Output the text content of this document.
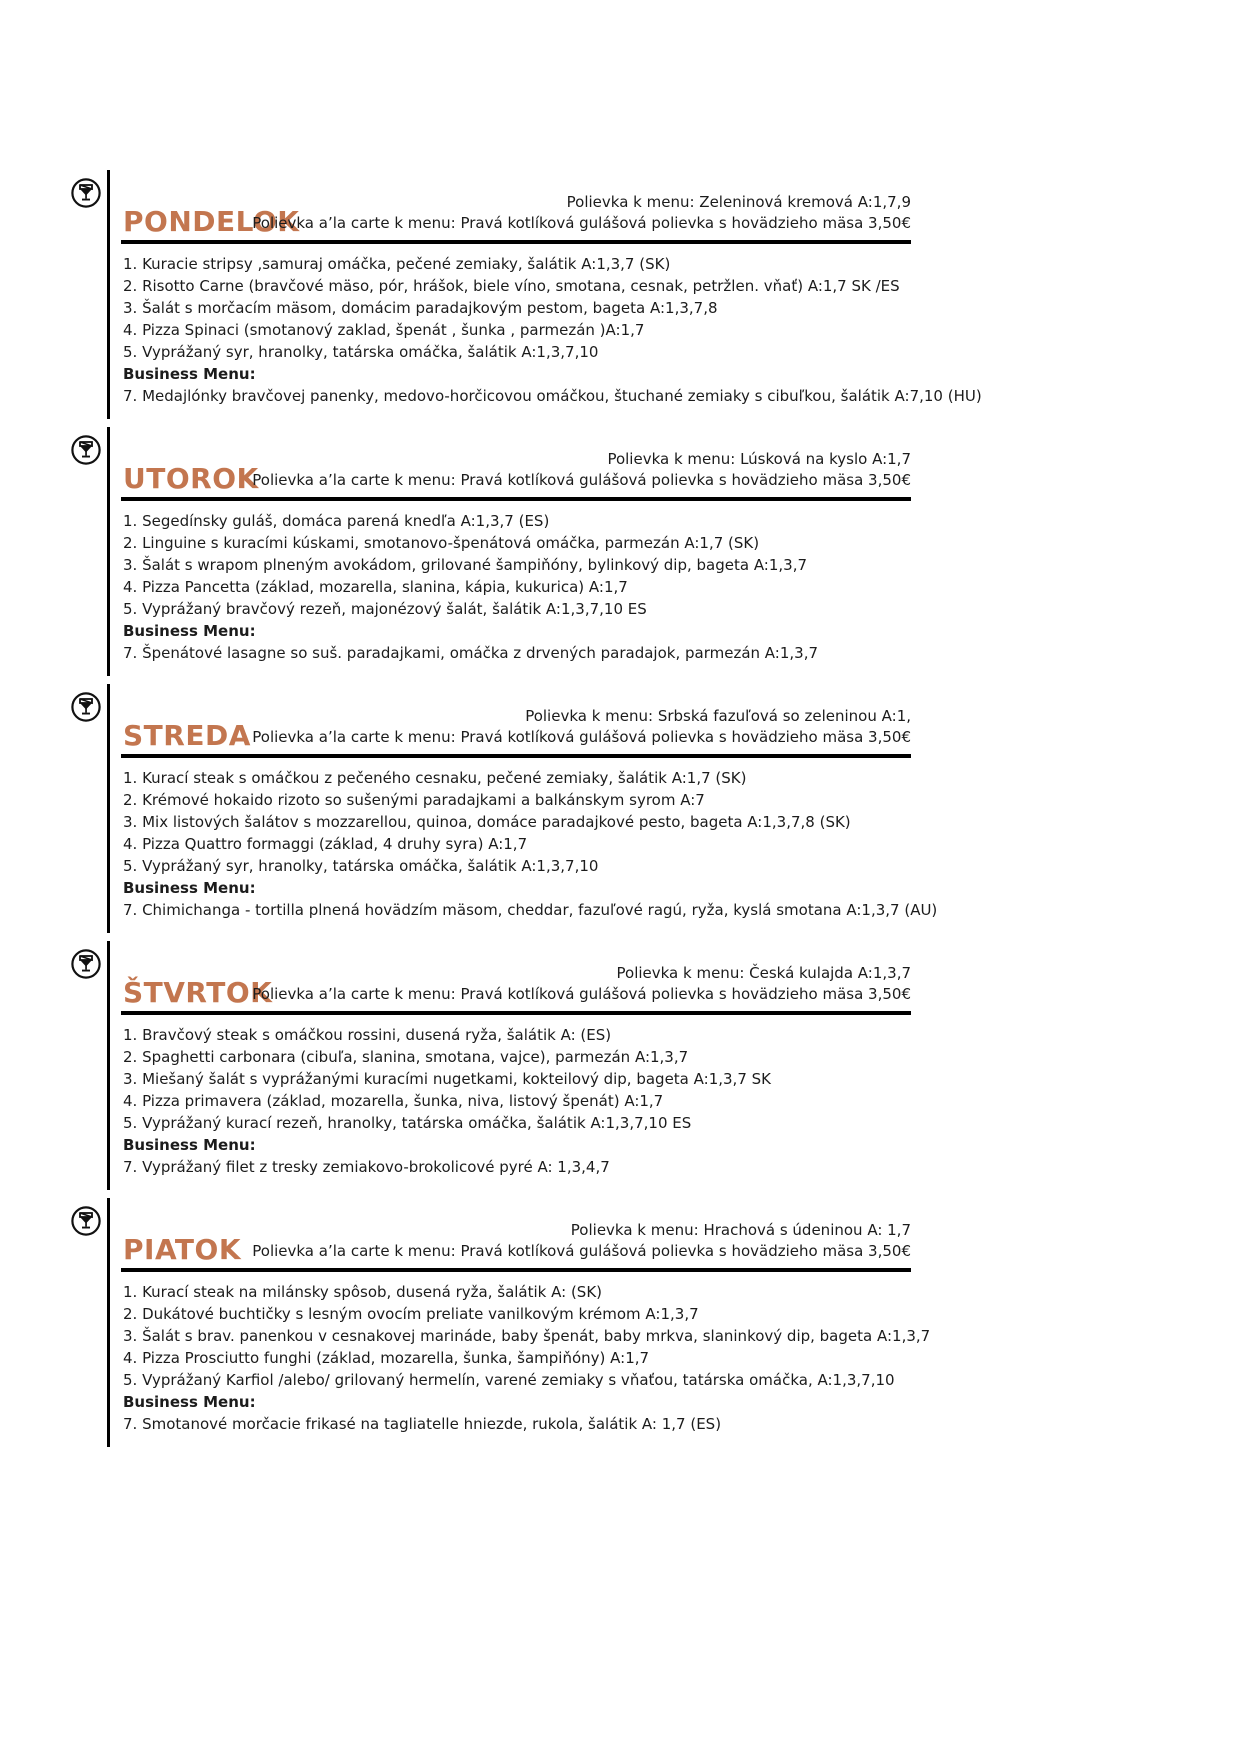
PONDELOK
Polievka k menu: Zeleninová kremová A:1,7,9
Polievka a’la carte k menu: Pravá kotlíková gulášová polievka s hovädzieho mäsa 3,50€
1. Kuracie stripsy ,samuraj omáčka, pečené zemiaky, šalátik A:1,3,7 (SK)
2. Risotto Carne (bravčové mäso, pór, hrášok, biele víno, smotana, cesnak, petržlen. vňať) A:1,7 SK /ES
3. Šalát s morčacím mäsom, domácim paradajkovým pestom, bageta A:1,3,7,8
4. Pizza Spinaci (smotanový zaklad, špenát , šunka , parmezán )A:1,7
5. Vyprážaný syr, hranolky, tatárska omáčka, šalátik A:1,3,7,10
Business Menu:
7. Medajlónky bravčovej panenky, medovo-horčicovou omáčkou, štuchané zemiaky s cibuľkou, šalátik A:7,10 (HU)
UTOROK
Polievka k menu: Lúsková na kyslo A:1,7
Polievka a’la carte k menu: Pravá kotlíková gulášová polievka s hovädzieho mäsa 3,50€
1. Segedínsky guláš, domáca parená knedľa A:1,3,7 (ES)
2. Linguine s kuracími kúskami, smotanovo-špenátová omáčka, parmezán A:1,7 (SK)
3. Šalát s wrapom plneným avokádom, grilované šampiňóny, bylinkový dip, bageta A:1,3,7
4. Pizza Pancetta (základ, mozarella, slanina, kápia, kukurica) A:1,7
5. Vyprážaný bravčový rezeň, majonézový šalát, šalátik A:1,3,7,10 ES
Business Menu:
7. Špenátové lasagne so suš. paradajkami, omáčka z drvených paradajok, parmezán A:1,3,7
STREDA
Polievka k menu: Srbská fazuľová so zeleninou A:1,
Polievka a’la carte k menu: Pravá kotlíková gulášová polievka s hovädzieho mäsa 3,50€
1. Kurací steak s omáčkou z pečeného cesnaku, pečené zemiaky, šalátik A:1,7 (SK)
2. Krémové hokaido rizoto so sušenými paradajkami a balkánskym syrom A:7
3. Mix listových šalátov s mozzarellou, quinoa, domáce paradajkové pesto, bageta A:1,3,7,8 (SK)
4. Pizza Quattro formaggi (základ, 4 druhy syra) A:1,7
5. Vyprážaný syr, hranolky, tatárska omáčka, šalátik A:1,3,7,10
Business Menu:
7. Chimichanga - tortilla plnená hovädzím mäsom, cheddar, fazuľové ragú, ryža, kyslá smotana A:1,3,7 (AU)
ŠTVRTOK
Polievka k menu: Česká kulajda A:1,3,7
Polievka a’la carte k menu: Pravá kotlíková gulášová polievka s hovädzieho mäsa 3,50€
1. Bravčový steak s omáčkou rossini, dusená ryža, šalátik A: (ES)
2. Spaghetti carbonara (cibuľa, slanina, smotana, vajce), parmezán A:1,3,7
3. Miešaný šalát s vyprážanými kuracími nugetkami, kokteilový dip, bageta A:1,3,7 SK
4. Pizza primavera (základ, mozarella, šunka, niva, listový špenát) A:1,7
5. Vyprážaný kurací rezeň, hranolky, tatárska omáčka, šalátik A:1,3,7,10 ES
Business Menu:
7. Vyprážaný filet z tresky zemiakovo-brokolicové pyré A: 1,3,4,7
PIATOK
Polievka k menu: Hrachová s údeninou A: 1,7
Polievka a’la carte k menu: Pravá kotlíková gulášová polievka s hovädzieho mäsa 3,50€
1. Kurací steak na milánsky spôsob, dusená ryža, šalátik A: (SK)
2. Dukátové buchtičky s lesným ovocím preliate vanilkovým krémom A:1,3,7
3. Šalát s brav. panenkou v cesnakovej marináde, baby špenát, baby mrkva, slaninkový dip, bageta A:1,3,7
4. Pizza Prosciutto funghi (základ, mozarella, šunka, šampiňóny) A:1,7
5. Vyprážaný Karfiol /alebo/ grilovaný hermelín, varené zemiaky s vňaťou, tatárska omáčka, A:1,3,7,10
Business Menu:
7. Smotanové morčacie frikasé na tagliatelle hniezde, rukola, šalátik A: 1,7 (ES)
